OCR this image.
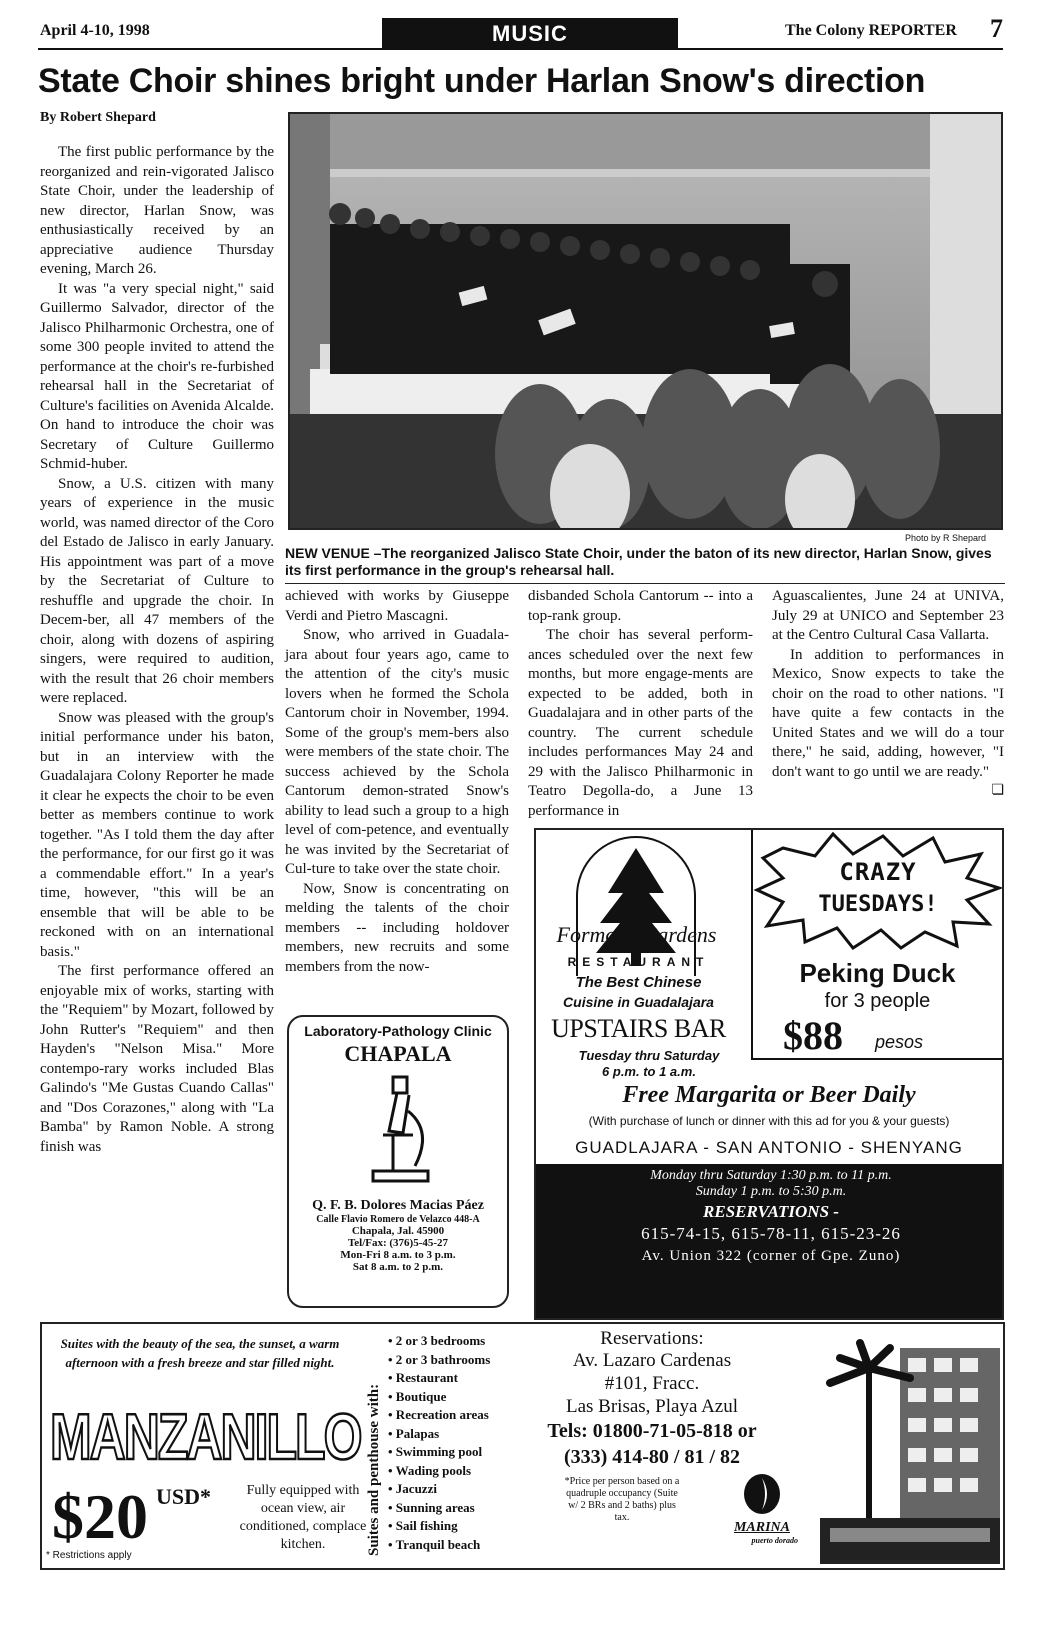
April 4-10, 1998	MUSIC	The Colony REPORTER 7
State Choir shines bright under Harlan Snow's direction
By Robert Shepard
Photo by R Shepard
NEW VENUE –The reorganized Jalisco State Choir, under the baton of its new director, Harlan Snow, gives its first performance in the group's rehearsal hall.

The first public performance by the reorganized and rein-vigorated Jalisco State Choir, under the leadership of new director, Harlan Snow, was enthusiastically received by an appreciative audience Thursday evening, March 26.

It was "a very special night," said Guillermo Salvador, director of the Jalisco Philharmonic Orchestra, one of some 300 people invited to attend the performance at the choir's re-furbished rehearsal hall in the Secretariat of Culture's facilities on Avenida Alcalde. On hand to introduce the choir was Secretary of Culture Guillermo Schmid-huber.

Snow, a U.S. citizen with many years of experience in the music world, was named director of the Coro del Estado de Jalisco in early January. His appointment was part of a move by the Secretariat of Culture to reshuffle and upgrade the choir. In Decem-ber, all 47 members of the choir, along with dozens of aspiring singers, were required to audition, with the result that 26 choir members were replaced.

Snow was pleased with the group's initial performance under his baton, but in an interview with the Guadalajara Colony Reporter he made it clear he expects the choir to be even better as members continue to work together. "As I told them the day after the performance, for our first go it was a commendable effort." In a year's time, however, "this will be an ensemble that will be able to be reckoned with on an international basis."

The first performance offered an enjoyable mix of works, starting with the "Requiem" by Mozart, followed by John Rutter's "Requiem" and then Hayden's "Nelson Misa." More contempo-rary works included Blas Galindo's "Me Gustas Cuando Callas" and "Dos Corazones," along with "La Bamba" by Ramon Noble. A strong finish was

achieved with works by Giuseppe Verdi and Pietro Mascagni.

Snow, who arrived in Guadala-jara about four years ago, came to the attention of the city's music lovers when he formed the Schola Cantorum choir in November, 1994. Some of the group's mem-bers also were members of the state choir. The success achieved by the Schola Cantorum demon-strated Snow's ability to lead such a group to a high level of com-petence, and eventually he was invited by the Secretariat of Cul-ture to take over the state choir.

Now, Snow is concentrating on melding the talents of the choir members -- including holdover members, new recruits and some members from the now-

disbanded Schola Cantorum -- into a top-rank group.

The choir has several perform-ances scheduled over the next few months, but more engage-ments are expected to be added, both in Guadalajara and in other parts of the country. The current schedule includes performances May 24 and 29 with the Jalisco Philharmonic in Teatro Degolla-do, a June 13 performance in

Aguascalientes, June 24 at UNIVA, July 29 at UNICO and September 23 at the Centro Cultural Casa Vallarta.

In addition to performances in Mexico, Snow expects to take the choir on the road to other nations. "I have quite a few contacts in the United States and we will do a tour there," he said, adding, however, "I don't want to go until we are ready."

❏
Laboratory-Pathology Clinic
CHAPALA
Q. F. B. Dolores Macias Páez
Calle Flavio Romero de Velazco 448-A
Chapala, Jal. 45900
Tel/Fax: (376)5-45-27
Mon-Fri 8 a.m. to 3 p.m.
Sat 8 a.m. to 2 p.m.
Formosa Gardens
RESTAURANT
The Best Chinese
Cuisine in Guadalajara
UPSTAIRS BAR
CRAZY
TUESDAYS!
Peking Duck
for 3 people
$88 pesos
Tuesday thru Saturday
6 p.m. to 1 a.m.
Free Margarita or Beer Daily
(With purchase of lunch or dinner with this ad for you & your guests)
GUADLAJARA - SAN ANTONIO - SHENYANG
Monday thru Saturday 1:30 p.m. to 11 p.m.
Sunday 1 p.m. to 5:30 p.m.
RESERVATIONS -
615-74-15, 615-78-11, 615-23-26
Av. Union 322 (corner of Gpe. Zuno)
Suites with the beauty of the sea, the sunset, a warm afternoon with a fresh breeze and star filled night.
MANZANILLO
$20 USD*	Fully equipped with ocean view, air conditioned, complace kitchen.
* Restrictions apply	Suites and penthouse with:
• 2 or 3 bedrooms
• 2 or 3 bathrooms
• Restaurant
• Boutique
• Recreation areas
• Palapas
• Swimming pool
• Wading pools
• Jacuzzi
• Sunning areas
• Sail fishing
• Tranquil beach
Reservations:
Av. Lazaro Cardenas
#101, Fracc.
Las Brisas, Playa Azul
Tels: 01800-71-05-818 or
(333) 414-80 / 81 / 82
*Price per person based on a quadruple occupancy (Suite w/ 2 BRs and 2 baths) plus tax.
MARINA
puerto dorado
